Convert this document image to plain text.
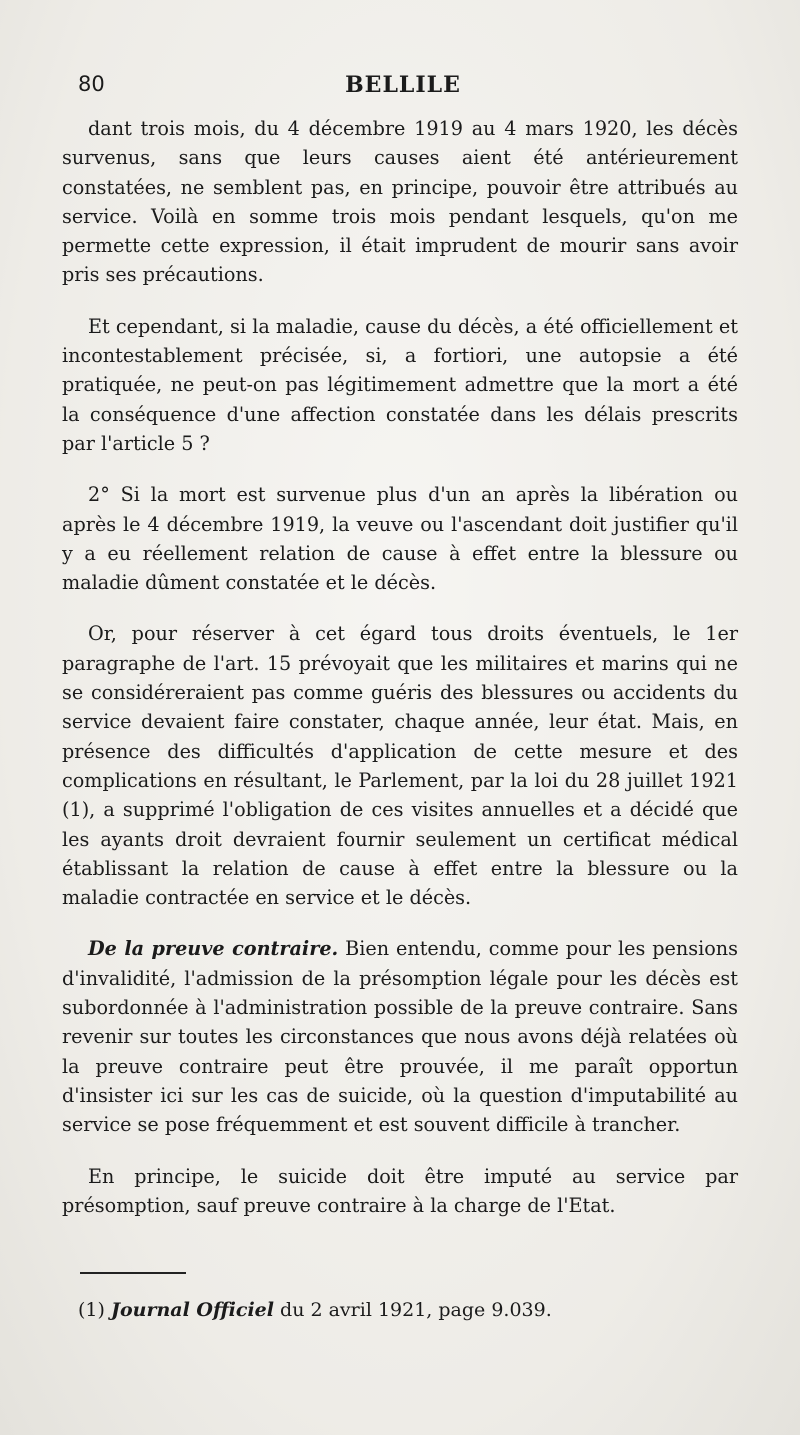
80	BELLILE

dant trois mois, du 4 décembre 1919 au 4 mars 1920, les décès survenus, sans que leurs causes aient été antérieurement constatées, ne semblent pas, en principe, pouvoir être attribués au service. Voilà en somme trois mois pendant lesquels, qu'on me permette cette expression, il était imprudent de mourir sans avoir pris ses précautions.

Et cependant, si la maladie, cause du décès, a été officiellement et incontestablement précisée, si, a fortiori, une autopsie a été pratiquée, ne peut-on pas légitimement admettre que la mort a été la conséquence d'une affection constatée dans les délais prescrits par l'article 5 ?

2° Si la mort est survenue plus d'un an après la libération ou après le 4 décembre 1919, la veuve ou l'ascendant doit justifier qu'il y a eu réellement relation de cause à effet entre la blessure ou maladie dûment constatée et le décès.

Or, pour réserver à cet égard tous droits éventuels, le 1er paragraphe de l'art. 15 prévoyait que les militaires et marins qui ne se considéreraient pas comme guéris des blessures ou accidents du service devaient faire constater, chaque année, leur état. Mais, en présence des difficultés d'application de cette mesure et des complications en résultant, le Parlement, par la loi du 28 juillet 1921 (1), a supprimé l'obligation de ces visites annuelles et a décidé que les ayants droit devraient fournir seulement un certificat médical établissant la relation de cause à effet entre la blessure ou la maladie contractée en service et le décès.

De la preuve contraire. Bien entendu, comme pour les pensions d'invalidité, l'admission de la présomption légale pour les décès est subordonnée à l'administration possible de la preuve contraire. Sans revenir sur toutes les circonstances que nous avons déjà relatées où la preuve contraire peut être prouvée, il me paraît opportun d'insister ici sur les cas de suicide, où la question d'imputabilité au service se pose fréquemment et est souvent difficile à trancher.

En principe, le suicide doit être imputé au service par présomption, sauf preuve contraire à la charge de l'Etat.

(1) Journal Officiel du 2 avril 1921, page 9.039.
